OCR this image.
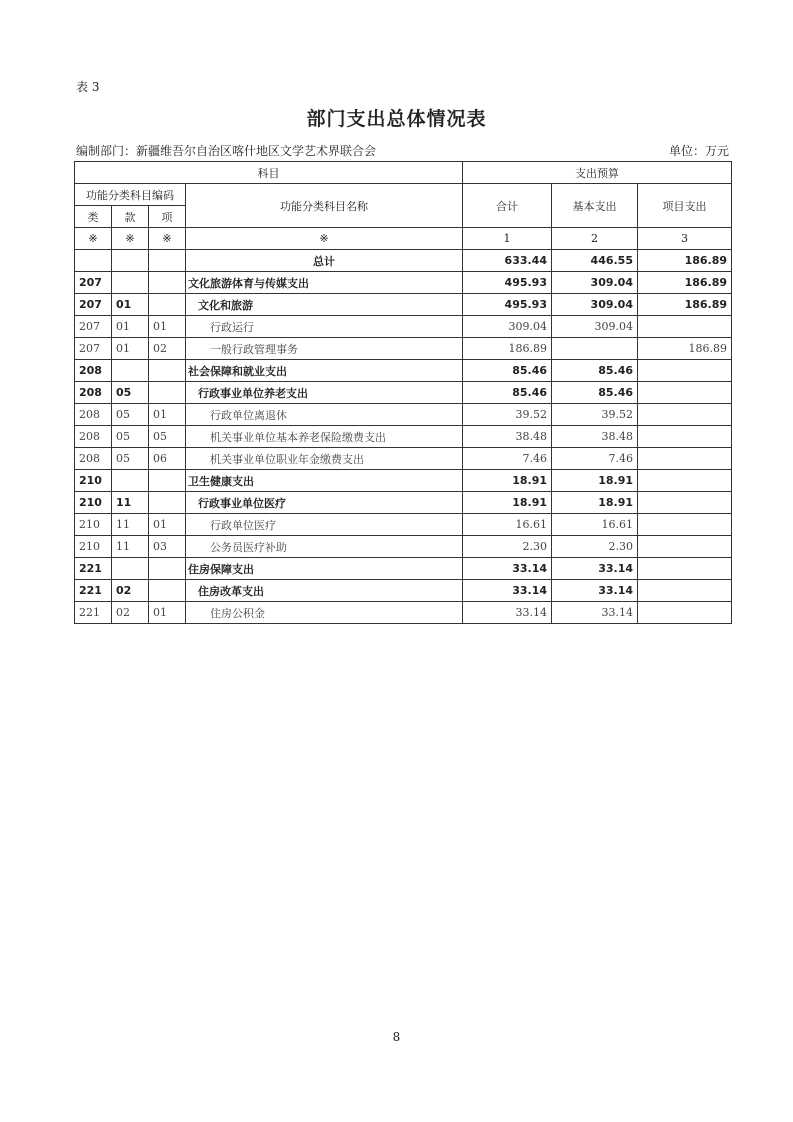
表 3
部门支出总体情况表
编制部门：新疆维吾尔自治区喀什地区文学艺术界联合会	单位：万元
科目				支出预算		
功能分类科目编码			功能分类科目名称	合计	基本支出	项目支出
类	款	项				
※	※	※	※	1	2	3
			总计	633.44	446.55	186.89
207			文化旅游体育与传媒支出	495.93	309.04	186.89
207	01		文化和旅游	495.93	309.04	186.89
207	01	01	行政运行	309.04	309.04	
207	01	02	一般行政管理事务	186.89		186.89
208			社会保障和就业支出	85.46	85.46	
208	05		行政事业单位养老支出	85.46	85.46	
208	05	01	行政单位离退休	39.52	39.52	
208	05	05	机关事业单位基本养老保险缴费支出	38.48	38.48	
208	05	06	机关事业单位职业年金缴费支出	7.46	7.46	
210			卫生健康支出	18.91	18.91	
210	11		行政事业单位医疗	18.91	18.91	
210	11	01	行政单位医疗	16.61	16.61	
210	11	03	公务员医疗补助	2.30	2.30	
221			住房保障支出	33.14	33.14	
221	02		住房改革支出	33.14	33.14	
221	02	01	住房公积金	33.14	33.14	
8
